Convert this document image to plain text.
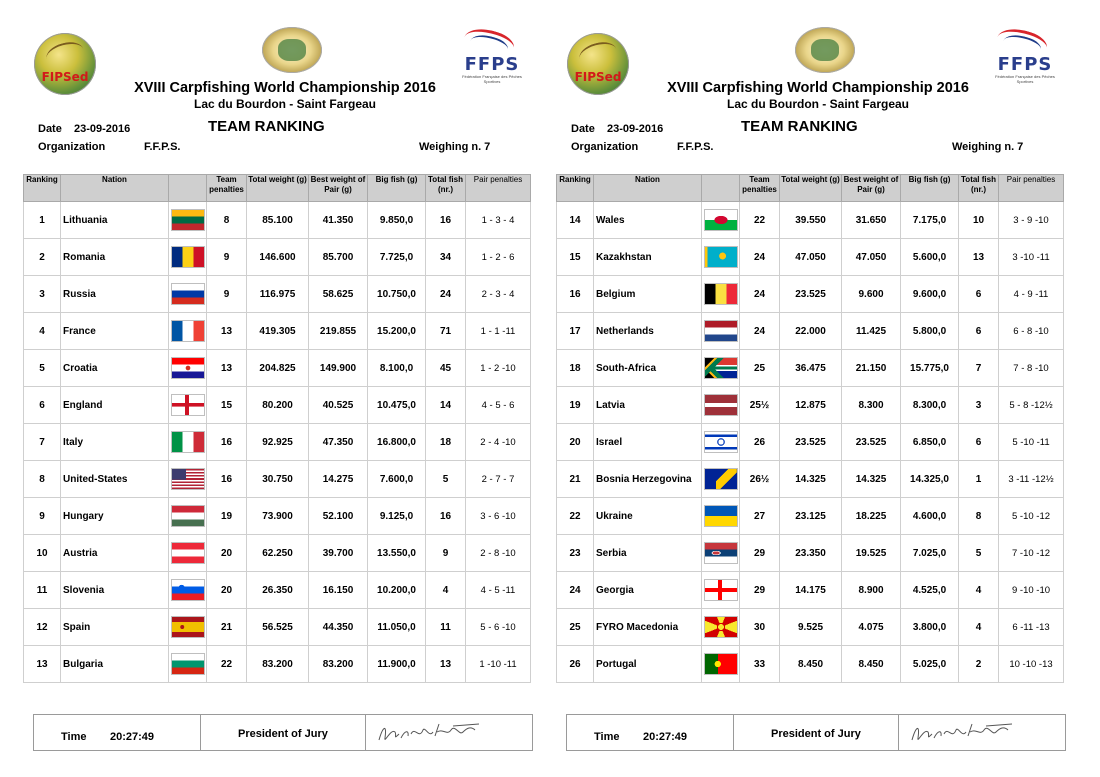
FIPSed
FFPS
Fédération Française des Pêches Sportives
XVIII Carpfishing World Championship 2016
Lac du Bourdon - Saint Fargeau
Date 23-09-2016	TEAM RANKING
Organization	F.F.P.S.	Weighing n. 7
Ranking	Nation		Team penalties	Total weight (g)	Best weight of Pair (g)	Big fish (g)	Total fish (nr.)	Pair penalties
1	Lithuania		8	85.100	41.350	9.850,0	16	1 - 3 - 4
2	Romania		9	146.600	85.700	7.725,0	34	1 - 2 - 6
3	Russia		9	116.975	58.625	10.750,0	24	2 - 3 - 4
4	France		13	419.305	219.855	15.200,0	71	1 - 1 -11
5	Croatia		13	204.825	149.900	8.100,0	45	1 - 2 -10
6	England		15	80.200	40.525	10.475,0	14	4 - 5 - 6
7	Italy		16	92.925	47.350	16.800,0	18	2 - 4 -10
8	United-States		16	30.750	14.275	7.600,0	5	2 - 7 - 7
9	Hungary		19	73.900	52.100	9.125,0	16	3 - 6 -10
10	Austria		20	62.250	39.700	13.550,0	9	2 - 8 -10
11	Slovenia		20	26.350	16.150	10.200,0	4	4 - 5 -11
12	Spain		21	56.525	44.350	11.050,0	11	5 - 6 -10
13	Bulgaria		22	83.200	83.200	11.900,0	13	1 -10 -11
Time 20:27:49	President of Jury
FIPSed
FFPS
Fédération Française des Pêches Sportives
XVIII Carpfishing World Championship 2016
Lac du Bourdon - Saint Fargeau
Date 23-09-2016	TEAM RANKING
Organization	F.F.P.S.	Weighing n. 7
Ranking	Nation		Team penalties	Total weight (g)	Best weight of Pair (g)	Big fish (g)	Total fish (nr.)	Pair penalties
14	Wales		22	39.550	31.650	7.175,0	10	3 - 9 -10
15	Kazakhstan		24	47.050	47.050	5.600,0	13	3 -10 -11
16	Belgium		24	23.525	9.600	9.600,0	6	4 - 9 -11
17	Netherlands		24	22.000	11.425	5.800,0	6	6 - 8 -10
18	South-Africa		25	36.475	21.150	15.775,0	7	7 - 8 -10
19	Latvia		25½	12.875	8.300	8.300,0	3	5 - 8 -12½
20	Israel		26	23.525	23.525	6.850,0	6	5 -10 -11
21	Bosnia Herzegovina		26½	14.325	14.325	14.325,0	1	3 -11 -12½
22	Ukraine		27	23.125	18.225	4.600,0	8	5 -10 -12
23	Serbia		29	23.350	19.525	7.025,0	5	7 -10 -12
24	Georgia		29	14.175	8.900	4.525,0	4	9 -10 -10
25	FYRO Macedonia		30	9.525	4.075	3.800,0	4	6 -11 -13
26	Portugal		33	8.450	8.450	5.025,0	2	10 -10 -13
Time 20:27:49	President of Jury
